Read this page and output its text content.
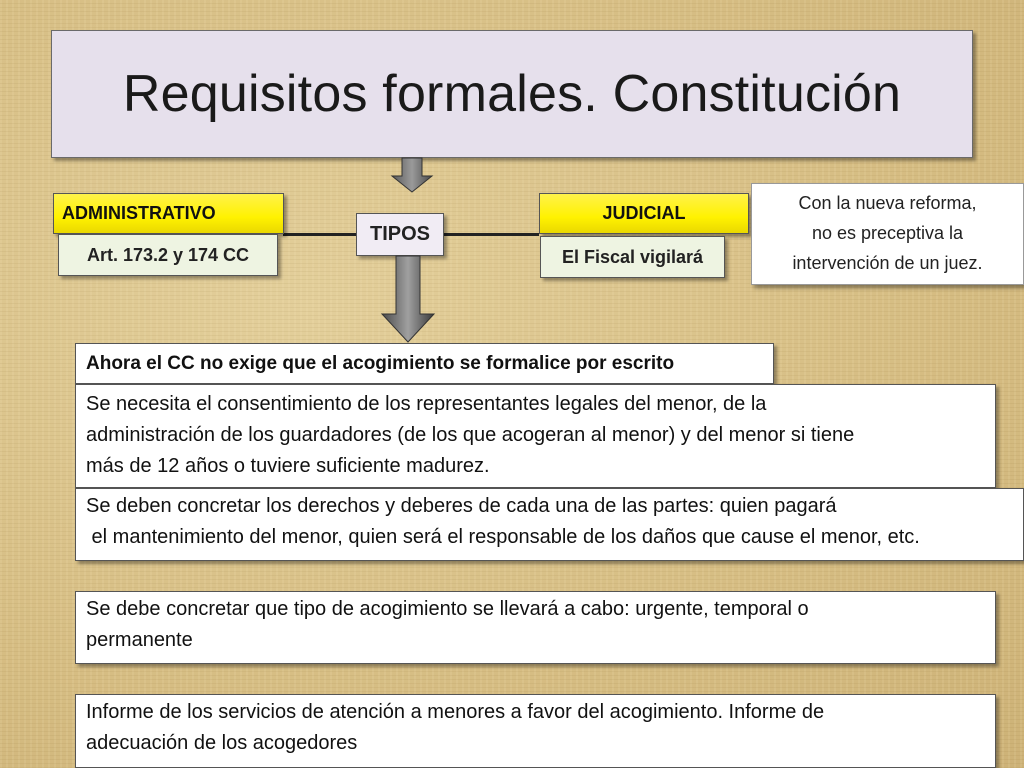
Requisitos formales. Constitución
ADMINISTRATIVO
Art. 173.2 y 174 CC
TIPOS
JUDICIAL
El Fiscal vigilará
Con la nueva reforma,
no es preceptiva la
intervención de un juez.
Ahora el CC no exige que el acogimiento se formalice por escrito
Se necesita el consentimiento de los representantes legales del menor, de la
administración de los guardadores (de los que acogeran al menor) y del menor si tiene
más de 12 años o tuviere suficiente madurez.
Se deben concretar los derechos y deberes de cada una de las partes: quien pagará
el mantenimiento del menor, quien será el responsable de los daños que cause el menor, etc.
Se debe concretar que tipo de acogimiento se llevará a cabo: urgente, temporal o
permanente
Informe de los servicios de atención a menores a favor del acogimiento. Informe de
adecuación de los acogedores
